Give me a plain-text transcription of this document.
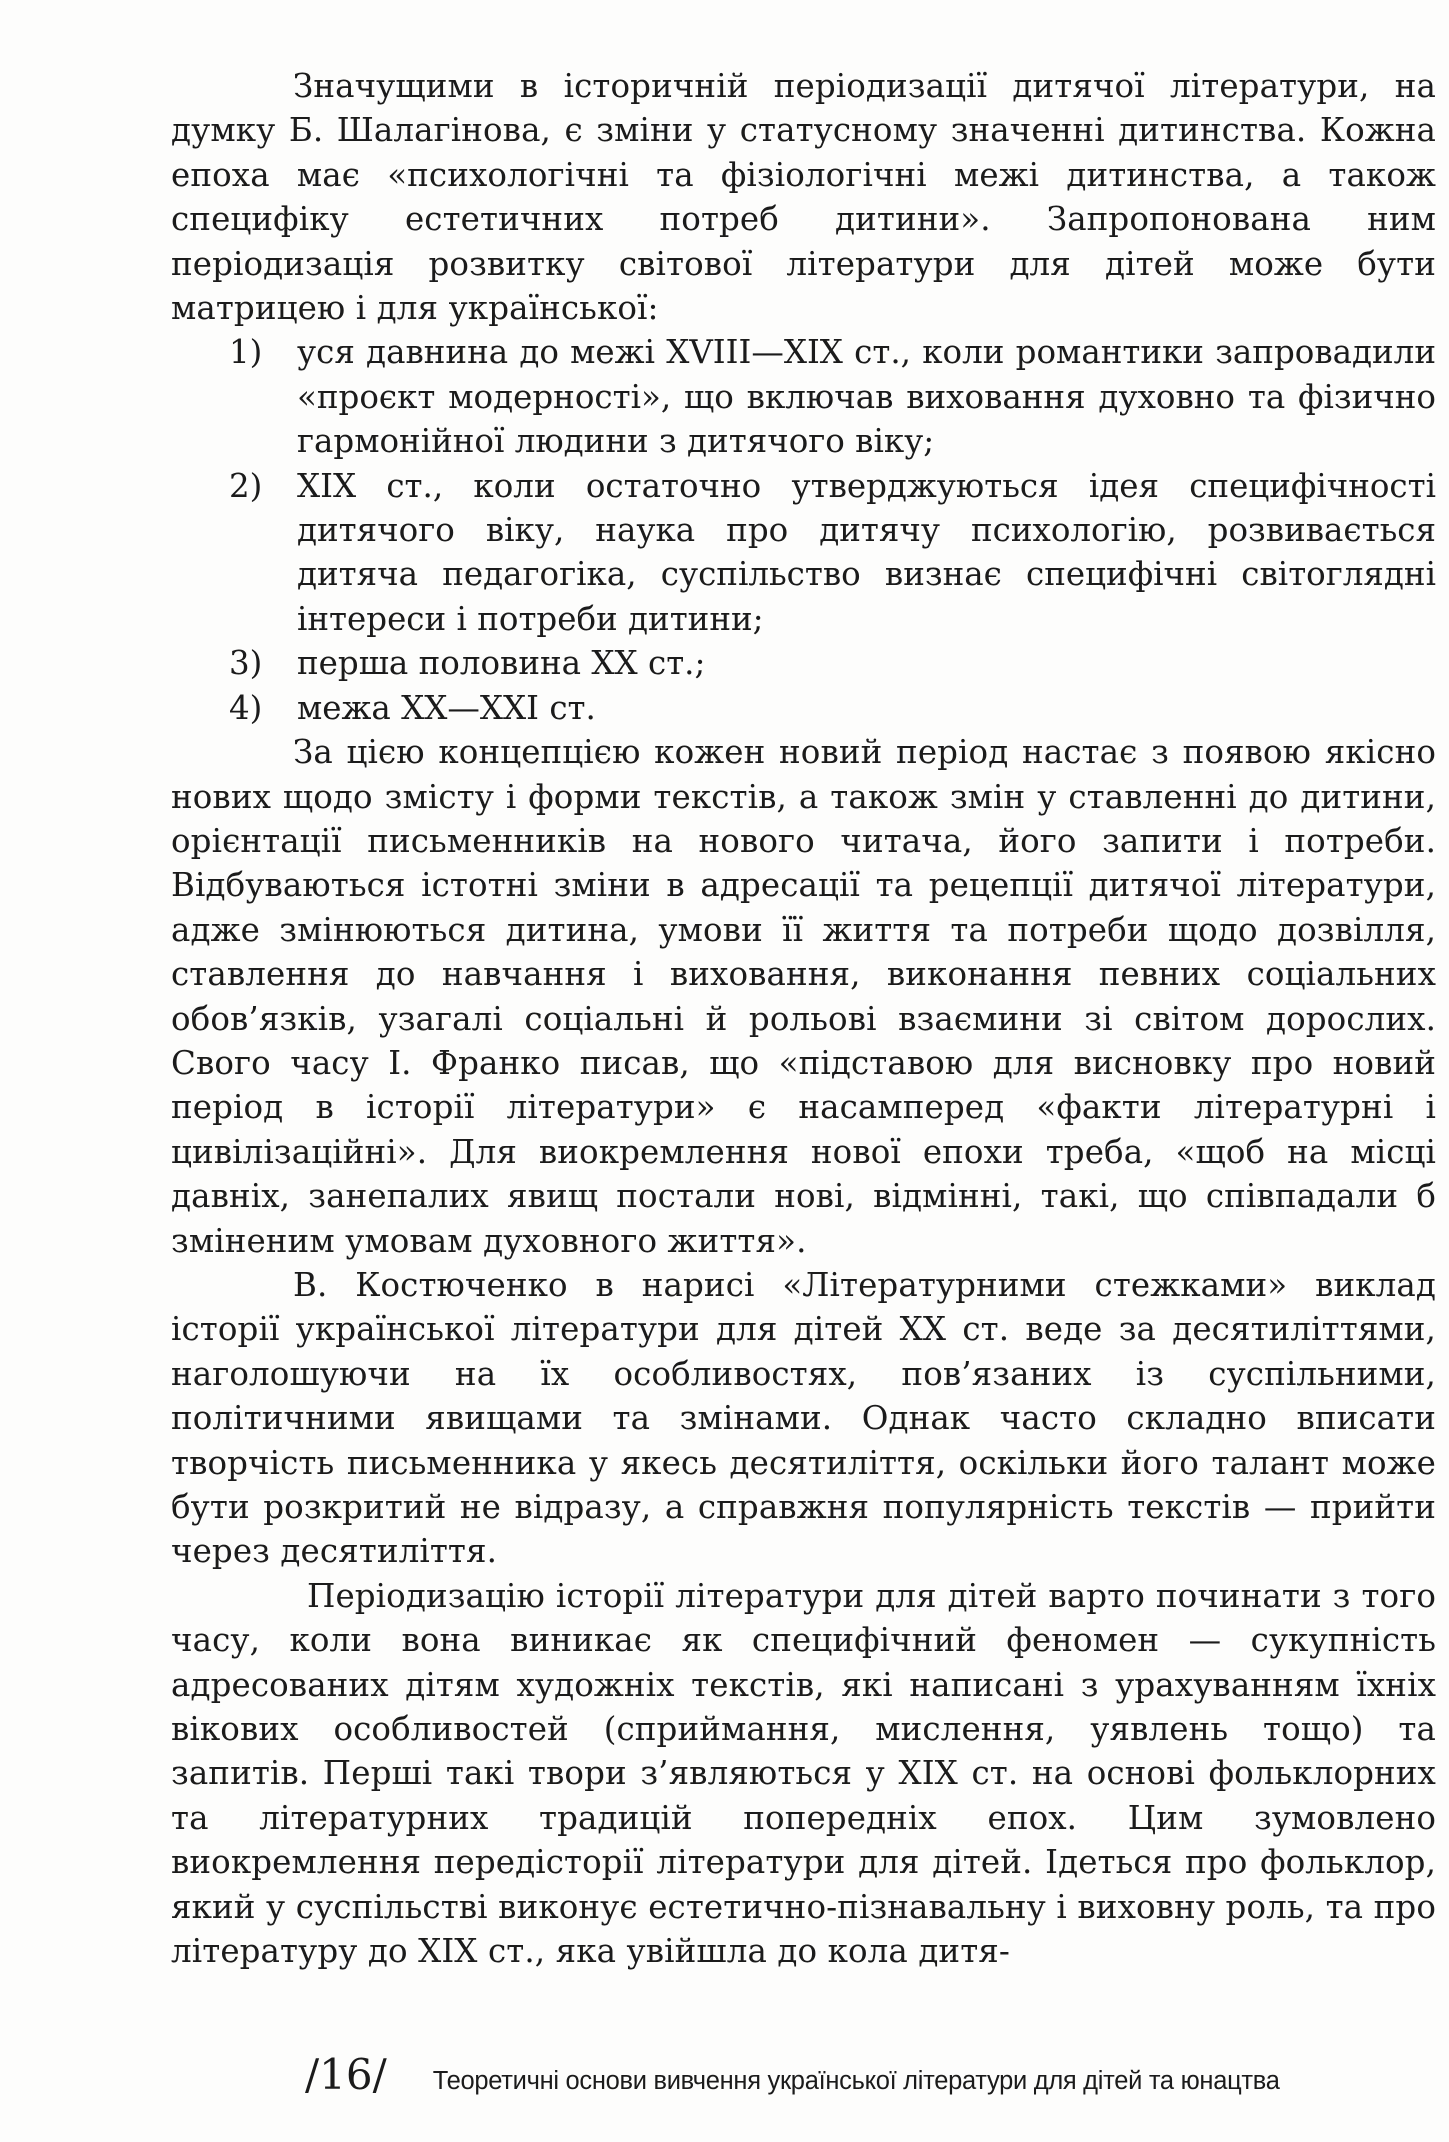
Значущими в історичній періодизації дитячої літератури, на думку Б. Шалагінова, є зміни у статусному значенні дитинства. Кожна епоха має «психологічні та фізіологічні межі дитинства, а також специфіку естетичних потреб дитини». Запропонована ним періодизація розвитку світової літератури для дітей може бути матрицею і для української:

1) уся давнина до межі XVIII—XIX ст., коли романтики запровадили «проєкт модерності», що включав виховання духовно та фізично гармонійної людини з дитячого віку;
2) XIX ст., коли остаточно утверджуються ідея специфічності дитячого віку, наука про дитячу психологію, розвивається дитяча педагогіка, суспільство визнає специфічні світоглядні інтереси і потреби дитини;
3) перша половина XX ст.;
4) межа XX—XXI ст.

За цією концепцією кожен новий період настає з появою якісно нових щодо змісту і форми текстів, а також змін у ставленні до дитини, орієнтації письменників на нового читача, його запити і потреби. Відбуваються істотні зміни в адресації та рецепції дитячої літератури, адже змінюються дитина, умови її життя та потреби щодо дозвілля, ставлення до навчання і виховання, виконання певних соціальних обов’язків, узагалі соціальні й рольові взаємини зі світом дорослих. Свого часу І. Франко писав, що «підставою для висновку про новий період в історії літератури» є насамперед «факти літературні і цивілізаційні». Для виокремлення нової епохи треба, «щоб на місці давніх, занепалих явищ постали нові, відмінні, такі, що співпадали б зміненим умовам духовного життя».

В. Костюченко в нарисі «Літературними стежками» виклад історії української літератури для дітей XX ст. веде за десятиліттями, наголошуючи на їх особливостях, пов’язаних із суспільними, політичними явищами та змінами. Однак часто складно вписати творчість письменника у якесь десятиліття, оскільки його талант може бути розкритий не відразу, а справжня популярність текстів — прийти через десятиліття.

Періодизацію історії літератури для дітей варто починати з того часу, коли вона виникає як специфічний феномен — сукупність адресованих дітям художніх текстів, які написані з урахуванням їхніх вікових особливостей (сприймання, мислення, уявлень тощо) та запитів. Перші такі твори з’являються у XIX ст. на основі фольклорних та літературних традицій попередніх епох. Цим зумовлено виокремлення передісторії літератури для дітей. Ідеться про фольклор, який у суспільстві виконує естетично-пізнавальну і виховну роль, та про літературу до XIX ст., яка увійшла до кола дитя-

/16/ Теоретичні основи вивчення української літератури для дітей та юнацтва
